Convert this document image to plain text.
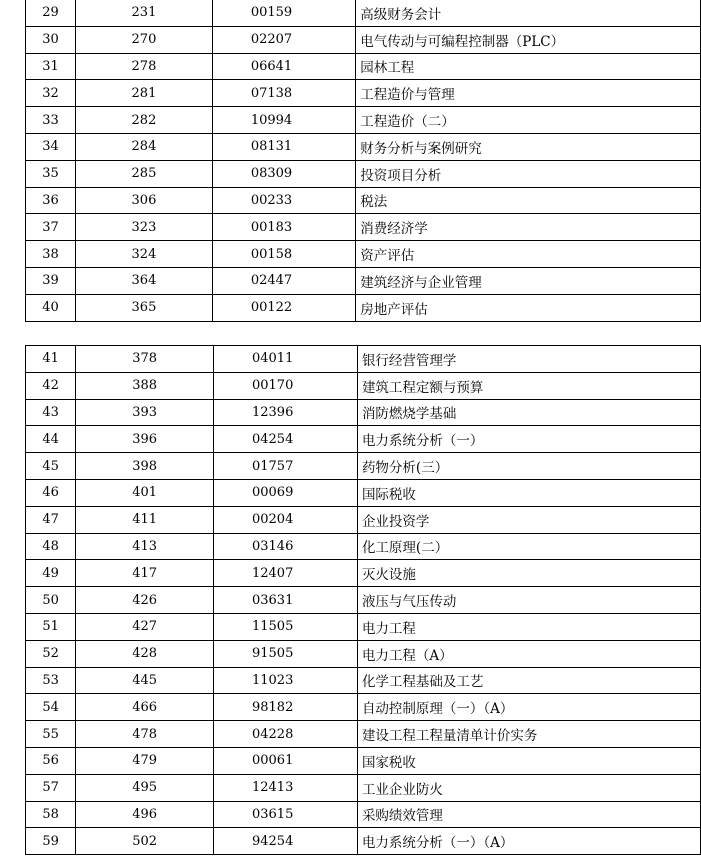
29	231	00159	高级财务会计
30	270	02207	电气传动与可编程控制器（PLC）
31	278	06641	园林工程
32	281	07138	工程造价与管理
33	282	10994	工程造价（二）
34	284	08131	财务分析与案例研究
35	285	08309	投资项目分析
36	306	00233	税法
37	323	00183	消费经济学
38	324	00158	资产评估
39	364	02447	建筑经济与企业管理
40	365	00122	房地产评估
41	378	04011	银行经营管理学
42	388	00170	建筑工程定额与预算
43	393	12396	消防燃烧学基础
44	396	04254	电力系统分析（一）
45	398	01757	药物分析(三）
46	401	00069	国际税收
47	411	00204	企业投资学
48	413	03146	化工原理(二）
49	417	12407	灭火设施
50	426	03631	液压与气压传动
51	427	11505	电力工程
52	428	91505	电力工程（A）
53	445	11023	化学工程基础及工艺
54	466	98182	自动控制原理（一）（A）
55	478	04228	建设工程工程量清单计价实务
56	479	00061	国家税收
57	495	12413	工业企业防火
58	496	03615	采购绩效管理
59	502	94254	电力系统分析（一）（A）
